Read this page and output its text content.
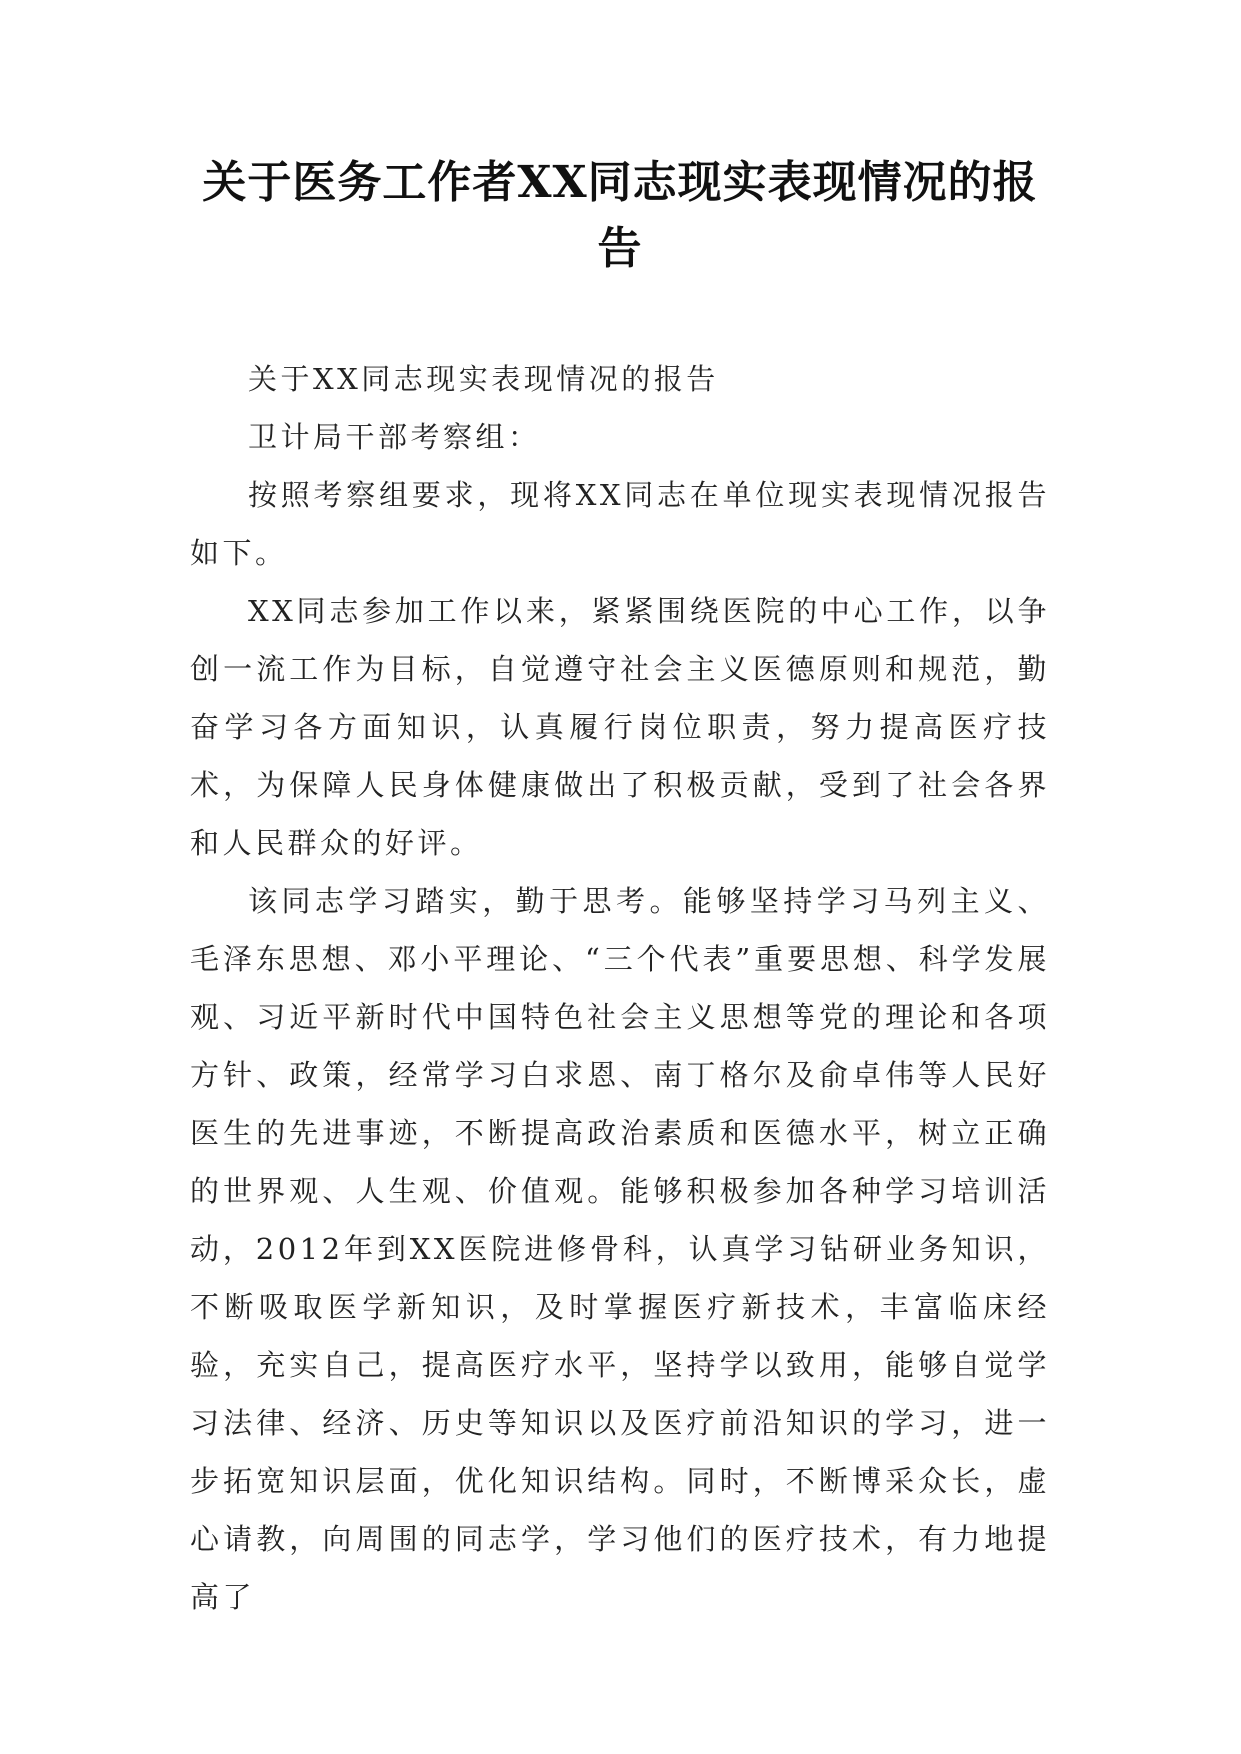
关于医务工作者XX同志现实表现情况的报告

关于XX同志现实表现情况的报告

卫计局干部考察组：

按照考察组要求，现将XX同志在单位现实表现情况报告如下。

XX同志参加工作以来，紧紧围绕医院的中心工作，以争创一流工作为目标，自觉遵守社会主义医德原则和规范，勤奋学习各方面知识，认真履行岗位职责，努力提高医疗技术，为保障人民身体健康做出了积极贡献，受到了社会各界和人民群众的好评。

该同志学习踏实，勤于思考。能够坚持学习马列主义、毛泽东思想、邓小平理论、“三个代表”重要思想、科学发展观、习近平新时代中国特色社会主义思想等党的理论和各项方针、政策，经常学习白求恩、南丁格尔及俞卓伟等人民好医生的先进事迹，不断提高政治素质和医德水平，树立正确的世界观、人生观、价值观。能够积极参加各种学习培训活动，2012年到XX医院进修骨科，认真学习钻研业务知识，不断吸取医学新知识，及时掌握医疗新技术，丰富临床经验，充实自己，提高医疗水平，坚持学以致用，能够自觉学习法律、经济、历史等知识以及医疗前沿知识的学习，进一步拓宽知识层面，优化知识结构。同时，不断博采众长，虚心请教，向周围的同志学，学习他们的医疗技术，有力地提高了
